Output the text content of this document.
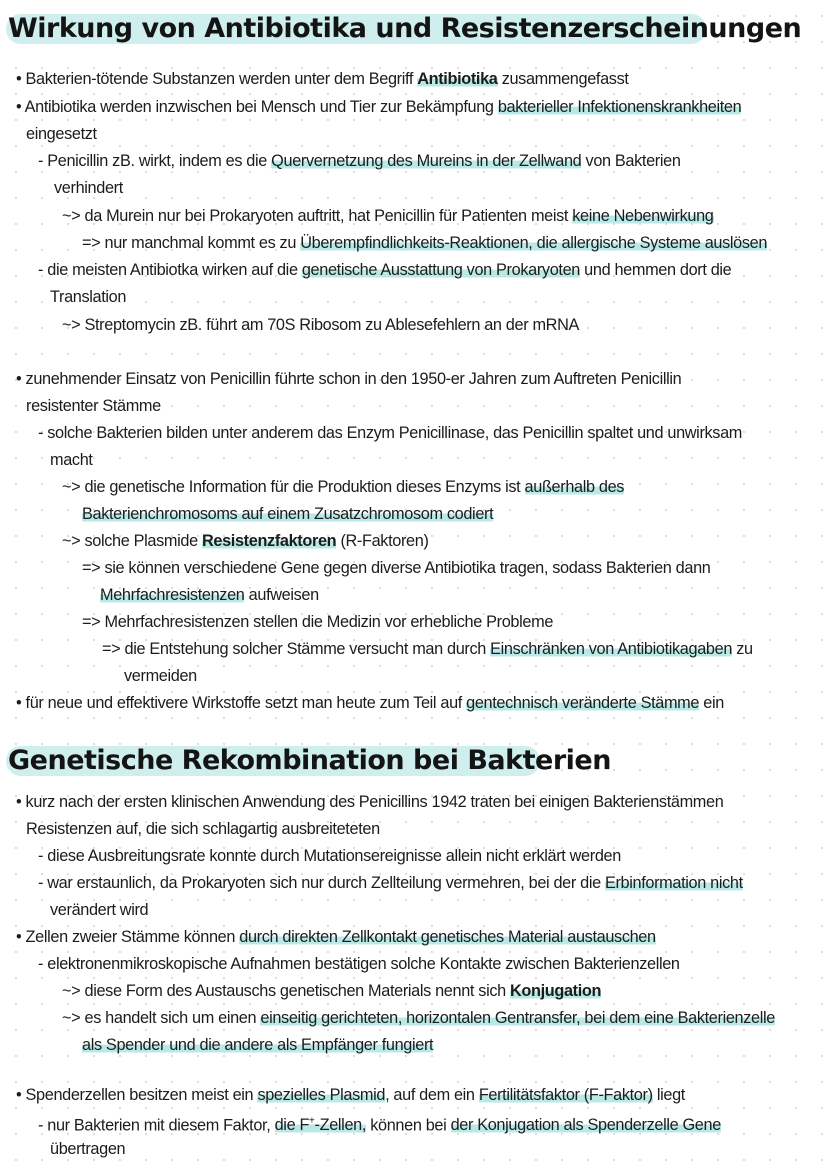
Wirkung von Antibiotika und Resistenzerscheinungen
• Bakterien-tötende Substanzen werden unter dem Begriff Antibiotika zusammengefasst
• Antibiotika werden inzwischen bei Mensch und Tier zur Bekämpfung bakterieller Infektionenskrankheiten
eingesetzt
- Penicillin zB. wirkt, indem es die Quervernetzung des Mureins in der Zellwand von Bakterien
verhindert
~> da Murein nur bei Prokaryoten auftritt, hat Penicillin für Patienten meist keine Nebenwirkung
=> nur manchmal kommt es zu Überempfindlichkeits-Reaktionen, die allergische Systeme auslösen
- die meisten Antibiotka wirken auf die genetische Ausstattung von Prokaryoten und hemmen dort die
Translation
~> Streptomycin zB. führt am 70S Ribosom zu Ablesefehlern an der mRNA
• zunehmender Einsatz von Penicillin führte schon in den 1950-er Jahren zum Auftreten Penicillin
resistenter Stämme
- solche Bakterien bilden unter anderem das Enzym Penicillinase, das Penicillin spaltet und unwirksam
macht
~> die genetische Information für die Produktion dieses Enzyms ist außerhalb des
Bakterienchromosoms auf einem Zusatzchromosom codiert
~> solche Plasmide Resistenzfaktoren (R-Faktoren)
=> sie können verschiedene Gene gegen diverse Antibiotika tragen, sodass Bakterien dann
Mehrfachresistenzen aufweisen
=> Mehrfachresistenzen stellen die Medizin vor erhebliche Probleme
=> die Entstehung solcher Stämme versucht man durch Einschränken von Antibiotikagaben zu
vermeiden
• für neue und effektivere Wirkstoffe setzt man heute zum Teil auf gentechnisch veränderte Stämme ein
Genetische Rekombination bei Bakterien
• kurz nach der ersten klinischen Anwendung des Penicillins 1942 traten bei einigen Bakterienstämmen
Resistenzen auf, die sich schlagartig ausbreiteteten
- diese Ausbreitungsrate konnte durch Mutationsereignisse allein nicht erklärt werden
- war erstaunlich, da Prokaryoten sich nur durch Zellteilung vermehren, bei der die Erbinformation nicht
verändert wird
• Zellen zweier Stämme können durch direkten Zellkontakt genetisches Material austauschen
- elektronenmikroskopische Aufnahmen bestätigen solche Kontakte zwischen Bakterienzellen
~> diese Form des Austauschs genetischen Materials nennt sich Konjugation
~> es handelt sich um einen einseitig gerichteten, horizontalen Gentransfer, bei dem eine Bakterienzelle
als Spender und die andere als Empfänger fungiert
• Spenderzellen besitzen meist ein spezielles Plasmid, auf dem ein Fertilitätsfaktor (F-Faktor) liegt
- nur Bakterien mit diesem Faktor, die F+-Zellen, können bei der Konjugation als Spenderzelle Gene
übertragen
